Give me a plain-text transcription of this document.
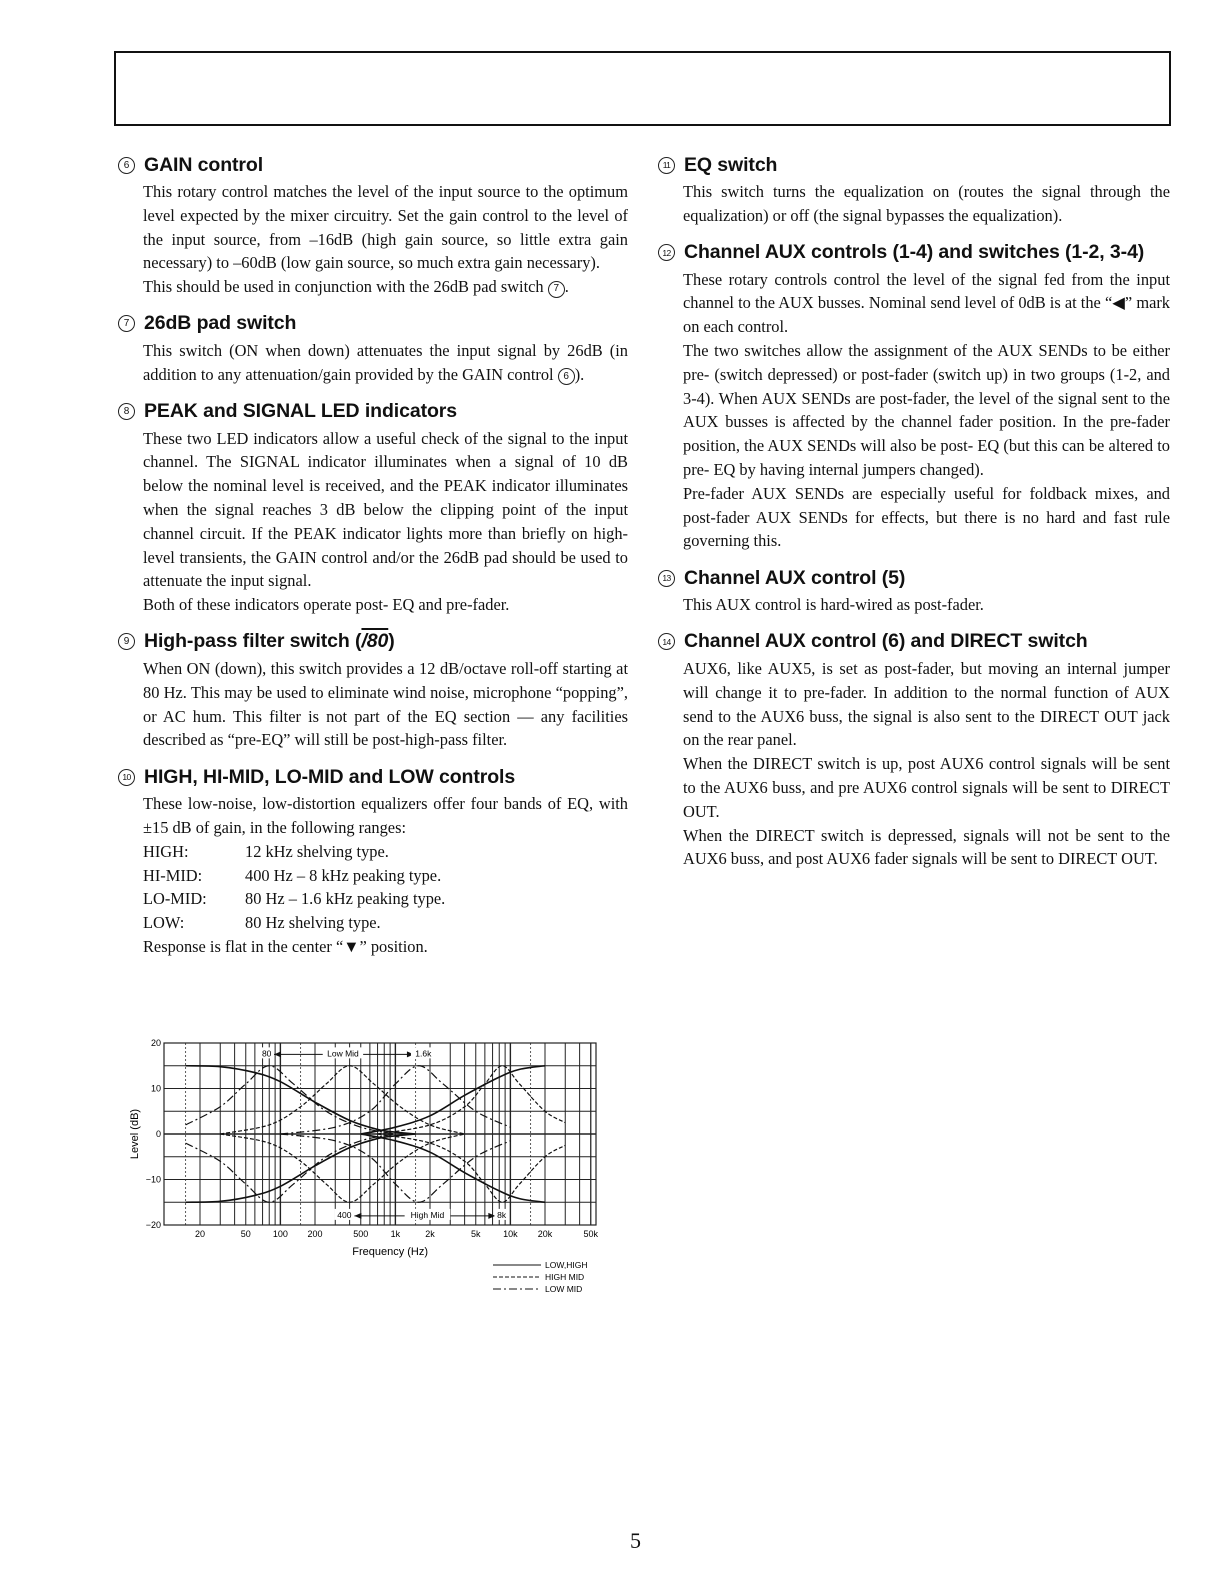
6 GAIN control

This rotary control matches the level of the input source to the optimum level expected by the mixer circuitry. Set the gain control to the level of the input source, from –16dB (high gain source, so little extra gain necessary) to –60dB (low gain source, so much extra gain necessary).

This should be used in conjunction with the 26dB pad switch 7 .

7 26dB pad switch

This switch (ON when down) attenuates the input signal by 26dB (in addition to any attenuation/gain provided by the GAIN control 6 ).

8 PEAK and SIGNAL LED indicators

These two LED indicators allow a useful check of the signal to the input channel. The SIGNAL indicator illuminates when a signal of 10 dB below the nominal level is received, and the PEAK indicator illuminates when the signal reaches 3 dB below the clipping point of the input channel circuit. If the PEAK indicator lights more than briefly on high-level transients, the GAIN control and/or the 26dB pad should be used to attenuate the input signal.

Both of these indicators operate post- EQ and pre-fader.

9 High-pass filter switch ( /80 )

When ON (down), this switch provides a 12 dB/octave roll-off starting at 80 Hz. This may be used to eliminate wind noise, microphone “popping”, or AC hum. This filter is not part of the EQ section — any facilities described as “pre-EQ” will still be post-high-pass filter.

10 HIGH, HI-MID, LO-MID and LOW controls

These low-noise, low-distortion equalizers offer four bands of EQ, with ±15 dB of gain, in the following ranges:

HIGH:	12 kHz shelving type.
HI-MID:	400 Hz – 8 kHz peaking type.
LO-MID:	80 Hz – 1.6 kHz peaking type.
LOW:	80 Hz shelving type.

Response is flat in the center “▼” position.

11 EQ switch

This switch turns the equalization on (routes the signal through the equalization) or off (the signal bypasses the equalization).

12 Channel AUX controls (1-4) and switches (1-2, 3-4)

These rotary controls control the level of the signal fed from the input channel to the AUX busses. Nominal send level of 0dB is at the “◀” mark on each control.

The two switches allow the assignment of the AUX SENDs to be either pre- (switch depressed) or post-fader (switch up) in two groups (1-2, and 3-4). When AUX SENDs are post-fader, the level of the signal sent to the AUX busses is affected by the channel fader position. In the pre-fader position, the AUX SENDs will also be post- EQ (but this can be altered to pre- EQ by having internal jumpers changed).

Pre-fader AUX SENDs are especially useful for foldback mixes, and post-fader AUX SENDs for effects, but there is no hard and fast rule governing this.

13 Channel AUX control (5)

This AUX control is hard-wired as post-fader.

14 Channel AUX control (6) and DIRECT switch

AUX6, like AUX5, is set as post-fader, but moving an internal jumper will change it to pre-fader. In addition to the normal function of AUX send to the AUX6 buss, the signal is also sent to the DIRECT OUT jack on the rear panel.

When the DIRECT switch is up, post AUX6 control signals will be sent to the AUX6 buss, and pre AUX6 control signals will be sent to DIRECT OUT.

When the DIRECT switch is depressed, signals will not be sent to the AUX6 buss, and post AUX6 fader signals will be sent to DIRECT OUT.

20
10
0
−10
−20
20	50 100 200	500 1k	2k	5k	10k 20k	50k
Frequency (Hz)
Level (dB)
80	Low Mid	1.6k
400	High Mid	8k
LOW,HIGH
HIGH MID
LOW MID
5
